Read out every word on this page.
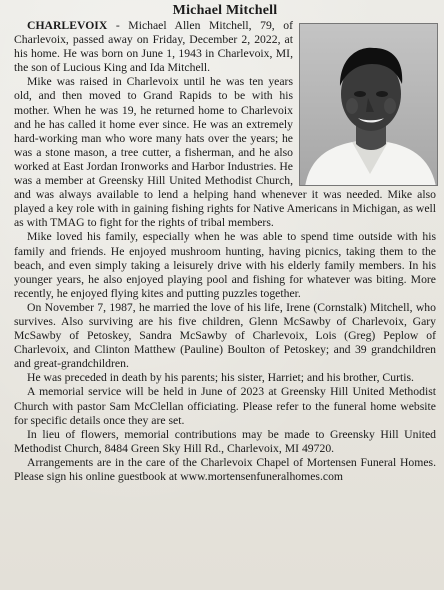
Michael Mitchell

CHARLEVOIX - Michael Allen Mitchell, 79, of Charlevoix, passed away on Friday, December 2, 2022, at his home. He was born on June 1, 1943 in Charlevoix, MI, the son of Lucious King and Ida Mitchell.

Mike was raised in Charlevoix until he was ten years old, and then moved to Grand Rapids to be with his mother. When he was 19, he returned home to Charlevoix and he has called it home ever since. He was an extremely hard-working man who wore many hats over the years; he was a stone mason, a tree cutter, a fisherman, and he also worked at East Jordan Ironworks and Harbor Industries. He was a member at Greensky Hill United Methodist Church, and was always available to lend a helping hand whenever it was needed. Mike also played a key role with in gaining fishing rights for Native Americans in Michigan, as well as with TMAG to fight for the rights of tribal members.

Mike loved his family, especially when he was able to spend time outside with his family and friends. He enjoyed mushroom hunting, having picnics, taking them to the beach, and even simply taking a leisurely drive with his elderly family members. In his younger years, he also enjoyed playing pool and fishing for whatever was biting. More recently, he enjoyed flying kites and putting puzzles together.

On November 7, 1987, he married the love of his life, Irene (Cornstalk) Mitchell, who survives. Also surviving are his five children, Glenn McSawby of Charlevoix, Gary McSawby of Petoskey, Sandra McSawby of Charlevoix, Lois (Greg) Peplow of Charlevoix, and Clinton Matthew (Pauline) Boulton of Petoskey; and 39 grandchildren and great-grandchildren.

He was preceded in death by his parents; his sister, Harriet; and his brother, Curtis.

A memorial service will be held in June of 2023 at Greensky Hill United Methodist Church with pastor Sam McClellan officiating. Please refer to the funeral home website for specific details once they are set.

In lieu of flowers, memorial contributions may be made to Greensky Hill United Methodist Church, 8484 Green Sky Hill Rd., Charlevoix, MI 49720.

Arrangements are in the care of the Charlevoix Chapel of Mortensen Funeral Homes. Please sign his online guestbook at www.mortensenfuneralhomes.com
